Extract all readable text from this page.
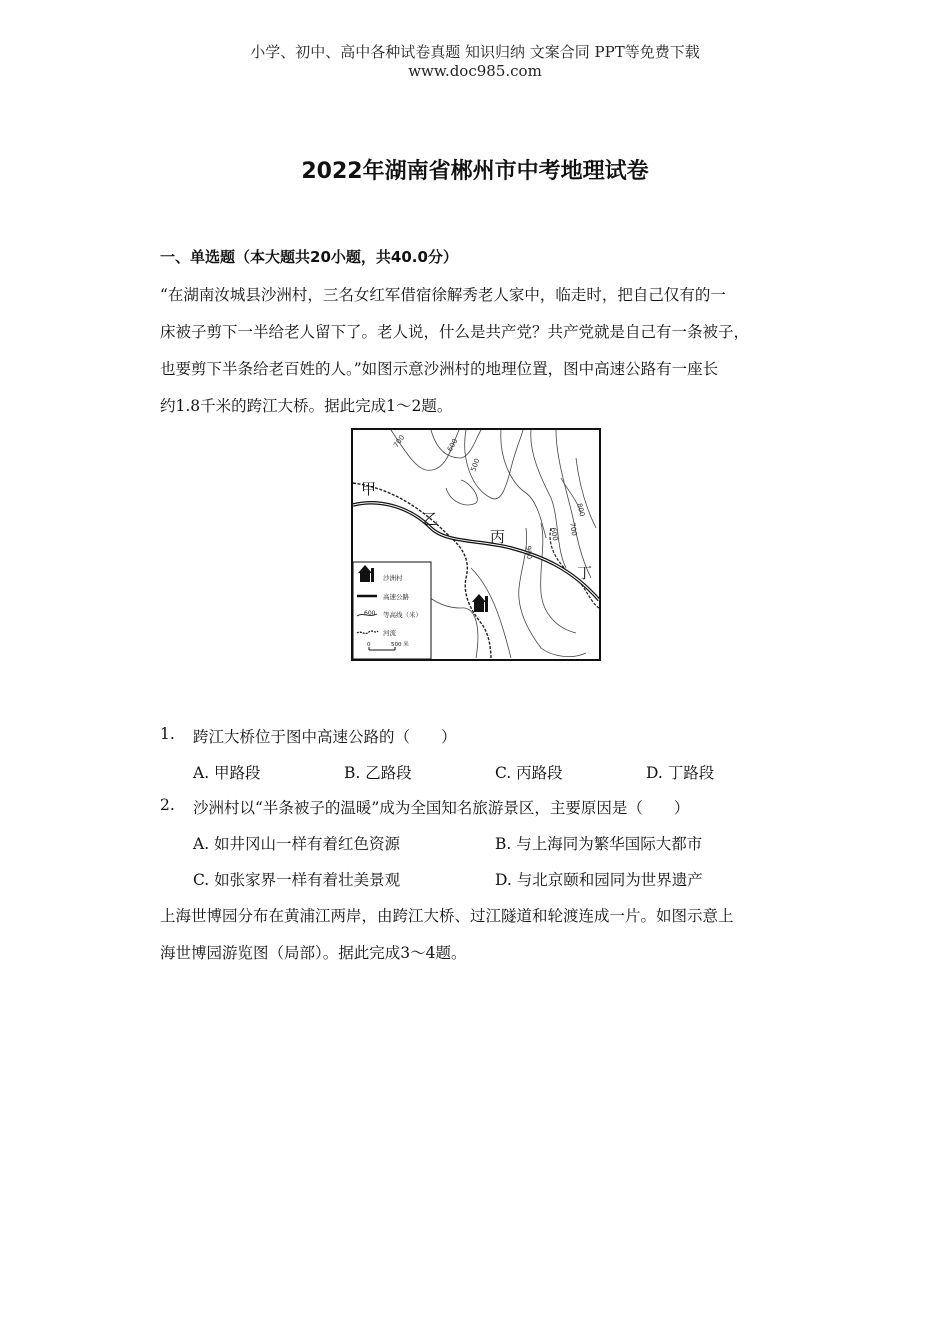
小学、初中、高中各种试卷真题 知识归纳 文案合同 PPT等免费下载
www.doc985.com
2022年湖南省郴州市中考地理试卷
一、单选题（本大题共20小题，共40.0分）
“在湖南汝城县沙洲村，三名女红军借宿徐解秀老人家中，临走时，把自己仅有的一
床被子剪下一半给老人留下了。老人说，什么是共产党？共产党就是自己有一条被子，
也要剪下半条给老百姓的人。”如图示意沙洲村的地理位置，图中高速公路有一座长
约1.8千米的跨江大桥。据此完成1～2题。
700	600
500
600 700
800
900
甲
乙
丙
丁
沙洲村
高速公路
600 等高线（米）
河流
0	500 米
1. 跨江大桥位于图中高速公路的（　　）
A. 甲路段	B. 乙路段	C. 丙路段	D. 丁路段
2. 沙洲村以“半条被子的温暖”成为全国知名旅游景区，主要原因是（　　）
A. 如井冈山一样有着红色资源	B. 与上海同为繁华国际大都市
C. 如张家界一样有着壮美景观	D. 与北京颐和园同为世界遗产
上海世博园分布在黄浦江两岸，由跨江大桥、过江隧道和轮渡连成一片。如图示意上
海世博园游览图（局部）。据此完成3～4题。
